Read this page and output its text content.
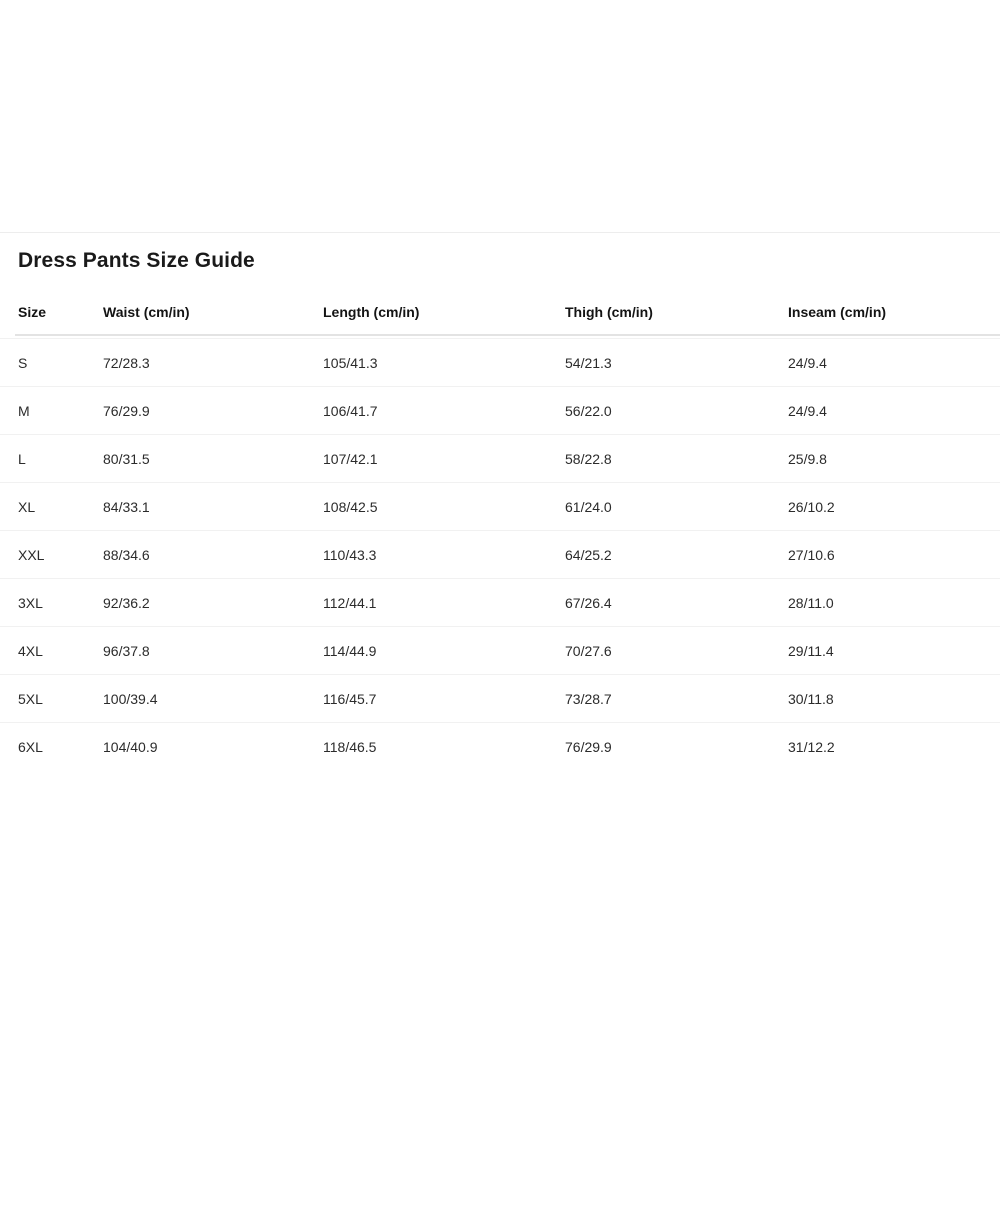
Dress Pants Size Guide
Size	Waist (cm/in)	Length (cm/in)	Thigh (cm/in)	Inseam (cm/in)
S	72/28.3	105/41.3	54/21.3	24/9.4
M	76/29.9	106/41.7	56/22.0	24/9.4
L	80/31.5	107/42.1	58/22.8	25/9.8
XL	84/33.1	108/42.5	61/24.0	26/10.2
XXL	88/34.6	110/43.3	64/25.2	27/10.6
3XL	92/36.2	112/44.1	67/26.4	28/11.0
4XL	96/37.8	114/44.9	70/27.6	29/11.4
5XL	100/39.4	116/45.7	73/28.7	30/11.8
6XL	104/40.9	118/46.5	76/29.9	31/12.2
